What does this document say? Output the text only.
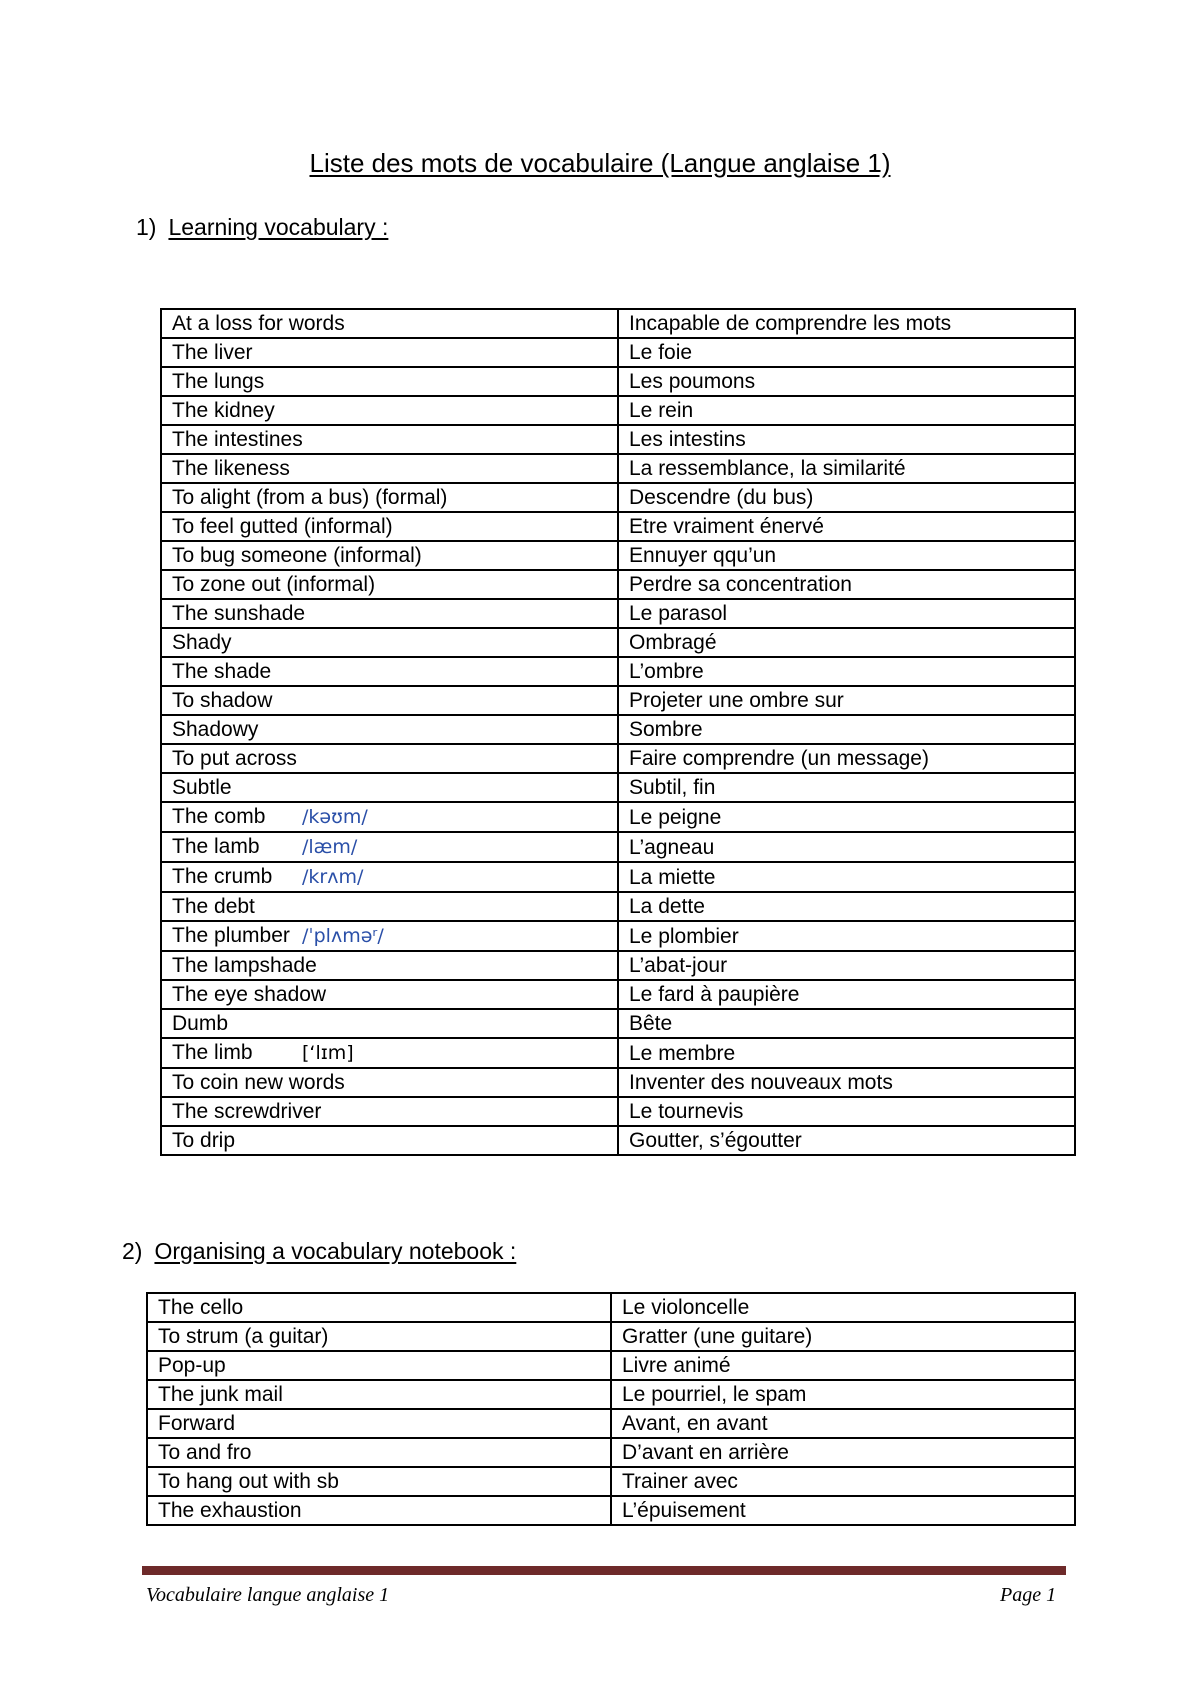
Liste des mots de vocabulaire (Langue anglaise 1)
1) Learning vocabulary :
At a loss for words	Incapable de comprendre les mots
The liver	Le foie
The lungs	Les poumons
The kidney	Le rein
The intestines	Les intestins
The likeness	La ressemblance, la similarité
To alight (from a bus) (formal)	Descendre (du bus)
To feel gutted (informal)	Etre vraiment énervé
To bug someone (informal)	Ennuyer qqu’un
To zone out (informal)	Perdre sa concentration
The sunshade	Le parasol
Shady	Ombragé
The shade	L’ombre
To shadow	Projeter une ombre sur
Shadowy	Sombre
To put across	Faire comprendre (un message)
Subtle	Subtil, fin
The comb /kəʊm/	Le peigne
The lamb /læm/	L’agneau
The crumb /krʌm/	La miette
The debt	La dette
The plumber /ˈplʌməʳ/	Le plombier
The lampshade	L’abat-jour
The eye shadow	Le fard à paupière
Dumb	Bête
The limb [‘lɪm]	Le membre
To coin new words	Inventer des nouveaux mots
The screwdriver	Le tournevis
To drip	Goutter, s’égoutter
2) Organising a vocabulary notebook :
The cello	Le violoncelle
To strum (a guitar)	Gratter (une guitare)
Pop-up	Livre animé
The junk mail	Le pourriel, le spam
Forward	Avant, en avant
To and fro	D’avant en arrière
To hang out with sb	Trainer avec
The exhaustion	L’épuisement
Vocabulaire langue anglaise 1	Page 1
